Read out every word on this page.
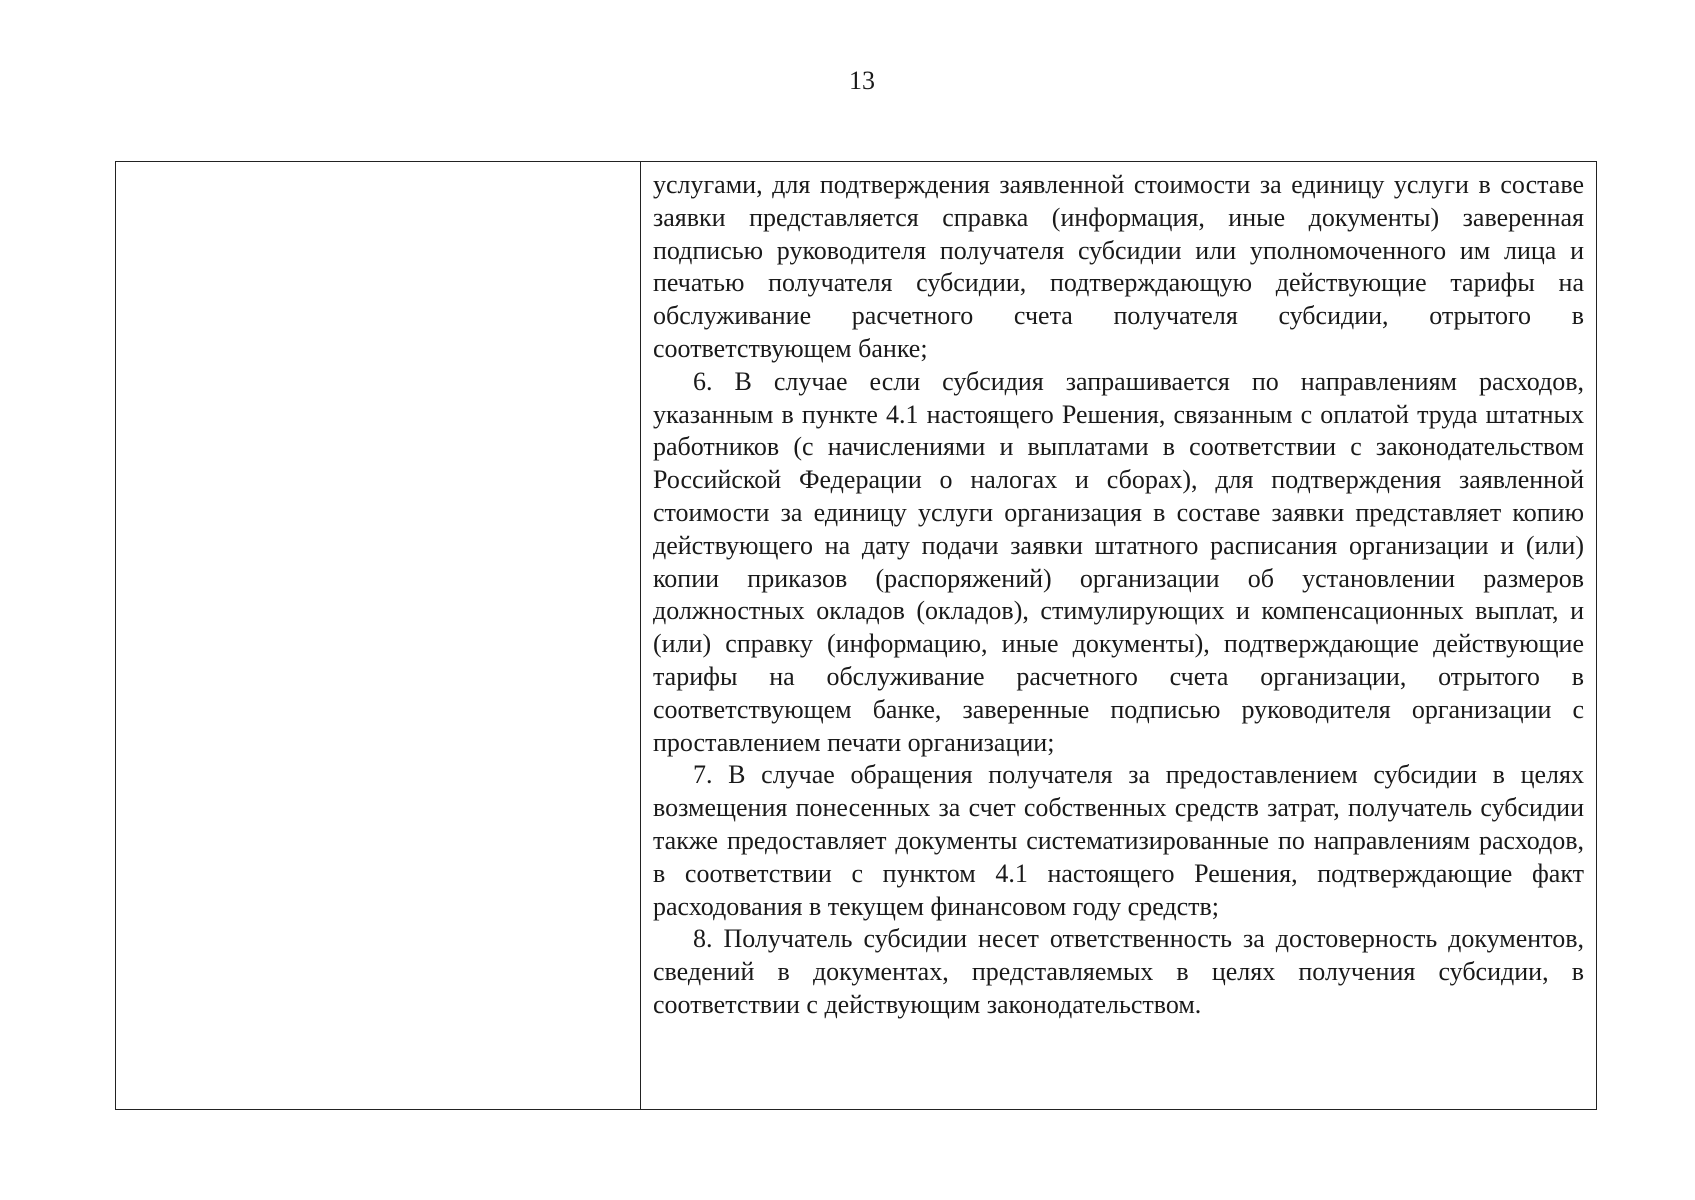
13

услугами, для подтверждения заявленной стоимости за единицу услуги в составе заявки представляется справка (информация, иные документы) заверенная подписью руководителя получателя субсидии или уполномоченного им лица и печатью получателя субсидии, подтверждающую действующие тарифы на обслуживание расчетного счета получателя субсидии, отрытого в соответствующем банке;

6. В случае если субсидия запрашивается по направлениям расходов, указанным в пункте 4.1 настоящего Решения, связанным с оплатой труда штатных работников (с начислениями и выплатами в соответствии с законодательством Российской Федерации о налогах и сборах), для подтверждения заявленной стоимости за единицу услуги организация в составе заявки представляет копию действующего на дату подачи заявки штатного расписания организации и (или) копии приказов (распоряжений) организации об установлении размеров должностных окладов (окладов), стимулирующих и компенсационных выплат, и (или) справку (информацию, иные документы), подтверждающие действующие тарифы на обслуживание расчетного счета организации, отрытого в соответствующем банке, заверенные подписью руководителя организации с проставлением печати организации;

7. В случае обращения получателя за предоставлением субсидии в целях возмещения понесенных за счет собственных средств затрат, получатель субсидии также предоставляет документы систематизированные по направлениям расходов, в соответствии с пунктом 4.1 настоящего Решения, подтверждающие факт расходования в текущем финансовом году средств;

8. Получатель субсидии несет ответственность за достоверность документов, сведений в документах, представляемых в целях получения субсидии, в соответствии с действующим законодательством.
